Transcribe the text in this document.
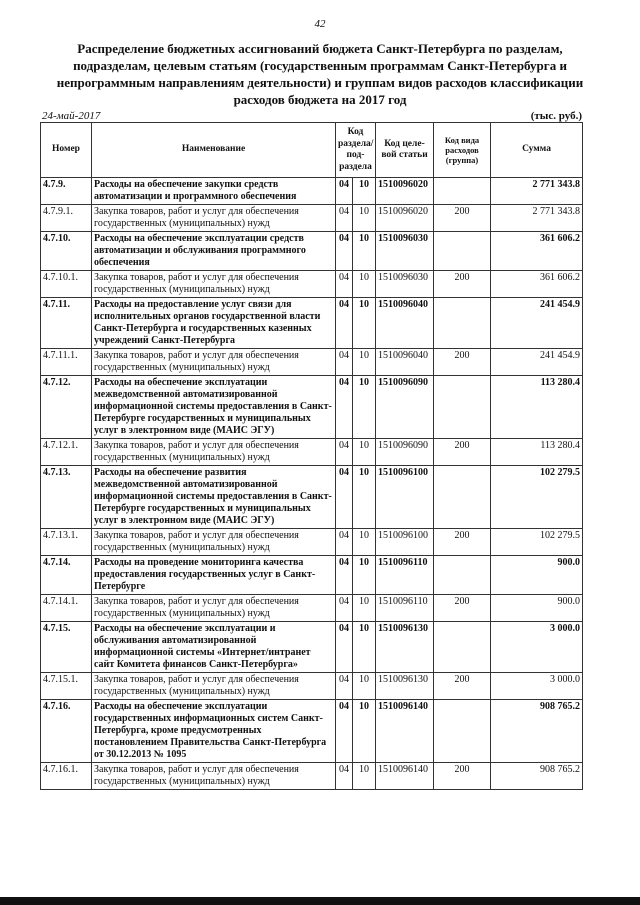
42
Распределение бюджетных ассигнований бюджета Санкт-Петербурга по разделам, подразделам, целевым статьям (государственным программам Санкт-Петербурга и непрограммным направлениям деятельности) и группам видов расходов классификации расходов бюджета на 2017 год
24-май-2017	(тыс. руб.)
Номер	Наименование	Код раздела/ под-раздела		Код целе-вой статьи	Код вида расходов (группа)	Сумма
4.7.9.	Расходы на обеспечение закупки средств автоматизации и программного обеспечения	04	10	1510096020		2 771 343.8
4.7.9.1.	Закупка товаров, работ и услуг для обеспечения государственных (муниципальных) нужд	04	10	1510096020	200	2 771 343.8
4.7.10.	Расходы на обеспечение эксплуатации средств автоматизации и обслуживания программного обеспечения	04	10	1510096030		361 606.2
4.7.10.1.	Закупка товаров, работ и услуг для обеспечения государственных (муниципальных) нужд	04	10	1510096030	200	361 606.2
4.7.11.	Расходы на предоставление услуг связи для исполнительных органов государственной власти Санкт-Петербурга и государственных казенных учреждений Санкт-Петербурга	04	10	1510096040		241 454.9
4.7.11.1.	Закупка товаров, работ и услуг для обеспечения государственных (муниципальных) нужд	04	10	1510096040	200	241 454.9
4.7.12.	Расходы на обеспечение эксплуатации межведомственной автоматизированной информационной системы предоставления в Санкт-Петербурге государственных и муниципальных услуг в электронном виде (МАИС ЭГУ)	04	10	1510096090		113 280.4
4.7.12.1.	Закупка товаров, работ и услуг для обеспечения государственных (муниципальных) нужд	04	10	1510096090	200	113 280.4
4.7.13.	Расходы на обеспечение развития межведомственной автоматизированной информационной системы предоставления в Санкт-Петербурге государственных и муниципальных услуг в электронном виде (МАИС ЭГУ)	04	10	1510096100		102 279.5
4.7.13.1.	Закупка товаров, работ и услуг для обеспечения государственных (муниципальных) нужд	04	10	1510096100	200	102 279.5
4.7.14.	Расходы на проведение мониторинга качества предоставления государственных услуг в Санкт-Петербурге	04	10	1510096110		900.0
4.7.14.1.	Закупка товаров, работ и услуг для обеспечения государственных (муниципальных) нужд	04	10	1510096110	200	900.0
4.7.15.	Расходы на обеспечение эксплуатации и обслуживания автоматизированной информационной системы «Интернет/интранет сайт Комитета финансов Санкт-Петербурга»	04	10	1510096130		3 000.0
4.7.15.1.	Закупка товаров, работ и услуг для обеспечения государственных (муниципальных) нужд	04	10	1510096130	200	3 000.0
4.7.16.	Расходы на обеспечение эксплуатации государственных информационных систем Санкт-Петербурга, кроме предусмотренных постановлением Правительства Санкт-Петербурга от 30.12.2013 № 1095	04	10	1510096140		908 765.2
4.7.16.1.	Закупка товаров, работ и услуг для обеспечения государственных (муниципальных) нужд	04	10	1510096140	200	908 765.2
